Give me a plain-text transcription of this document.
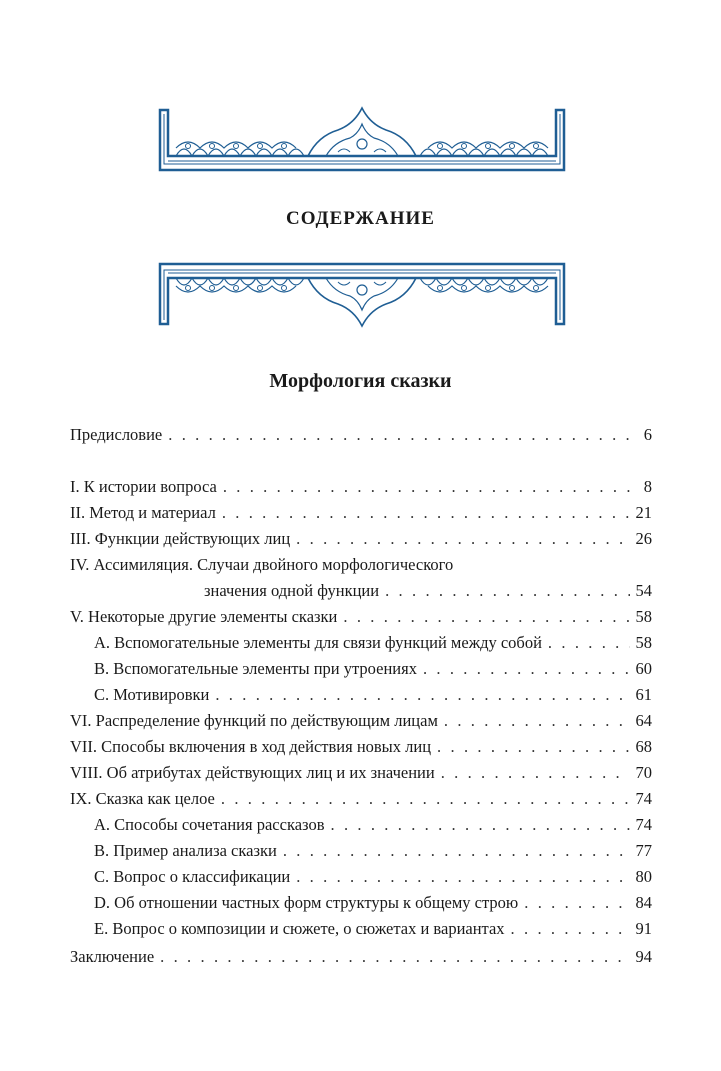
СОДЕРЖАНИЕ
Морфология сказки
Предисловие . . .	6
I. К истории вопроса . . .	8
II. Метод и материал . . .	21
III. Функции действующих лиц . . .	26
IV. Ассимиляция. Случаи двойного морфологического
значения одной функции . . .	54
V. Некоторые другие элементы сказки . . .	58
A. Вспомогательные элементы для связи функций между собой . . .	58
B. Вспомогательные элементы при утроениях . . .	60
C. Мотивировки . . .	61
VI. Распределение функций по действующим лицам . . .	64
VII. Способы включения в ход действия новых лиц . . .	68
VIII. Об атрибутах действующих лиц и их значении . . .	70
IX. Сказка как целое . . .	74
A. Способы сочетания рассказов . . .	74
B. Пример анализа сказки . . .	77
C. Вопрос о классификации . . .	80
D. Об отношении частных форм структуры к общему строю . . .	84
E. Вопрос о композиции и сюжете, о сюжетах и вариантах . . .	91
Заключение . . .	94
